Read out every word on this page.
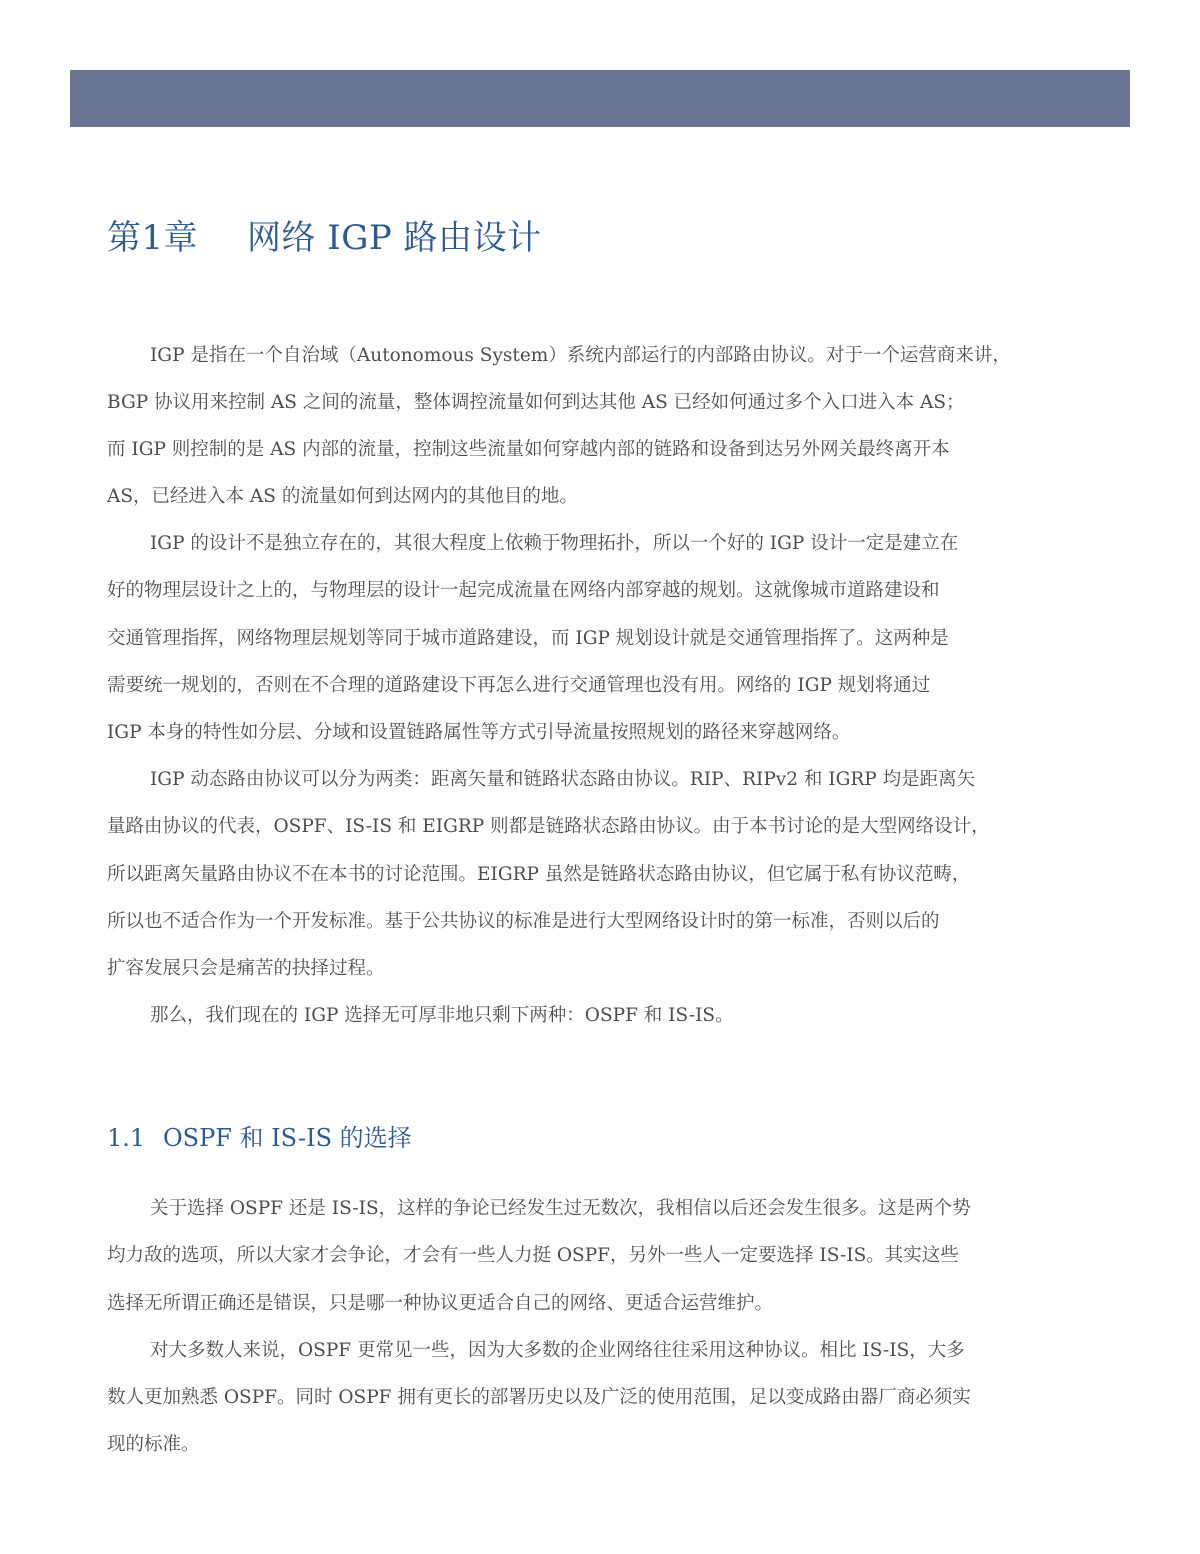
第1章 网络 IGP 路由设计
IGP 是指在一个自治域（Autonomous System）系统内部运行的内部路由协议。对于一个运营商来讲，
BGP 协议用来控制 AS 之间的流量，整体调控流量如何到达其他 AS 已经如何通过多个入口进入本 AS；
而 IGP 则控制的是 AS 内部的流量，控制这些流量如何穿越内部的链路和设备到达另外网关最终离开本
AS，已经进入本 AS 的流量如何到达网内的其他目的地。
IGP 的设计不是独立存在的，其很大程度上依赖于物理拓扑，所以一个好的 IGP 设计一定是建立在
好的物理层设计之上的，与物理层的设计一起完成流量在网络内部穿越的规划。这就像城市道路建设和
交通管理指挥，网络物理层规划等同于城市道路建设，而 IGP 规划设计就是交通管理指挥了。这两种是
需要统一规划的，否则在不合理的道路建设下再怎么进行交通管理也没有用。网络的 IGP 规划将通过
IGP 本身的特性如分层、分域和设置链路属性等方式引导流量按照规划的路径来穿越网络。
IGP 动态路由协议可以分为两类：距离矢量和链路状态路由协议。RIP、RIPv2 和 IGRP 均是距离矢
量路由协议的代表，OSPF、IS-IS 和 EIGRP 则都是链路状态路由协议。由于本书讨论的是大型网络设计，
所以距离矢量路由协议不在本书的讨论范围。EIGRP 虽然是链路状态路由协议，但它属于私有协议范畴，
所以也不适合作为一个开发标准。基于公共协议的标准是进行大型网络设计时的第一标准，否则以后的
扩容发展只会是痛苦的抉择过程。
那么，我们现在的 IGP 选择无可厚非地只剩下两种：OSPF 和 IS-IS。
1.1 OSPF 和 IS-IS 的选择
关于选择 OSPF 还是 IS-IS，这样的争论已经发生过无数次，我相信以后还会发生很多。这是两个势
均力敌的选项，所以大家才会争论，才会有一些人力挺 OSPF，另外一些人一定要选择 IS-IS。其实这些
选择无所谓正确还是错误，只是哪一种协议更适合自己的网络、更适合运营维护。
对大多数人来说，OSPF 更常见一些，因为大多数的企业网络往往采用这种协议。相比 IS-IS，大多
数人更加熟悉 OSPF。同时 OSPF 拥有更长的部署历史以及广泛的使用范围，足以变成路由器厂商必须实
现的标准。
